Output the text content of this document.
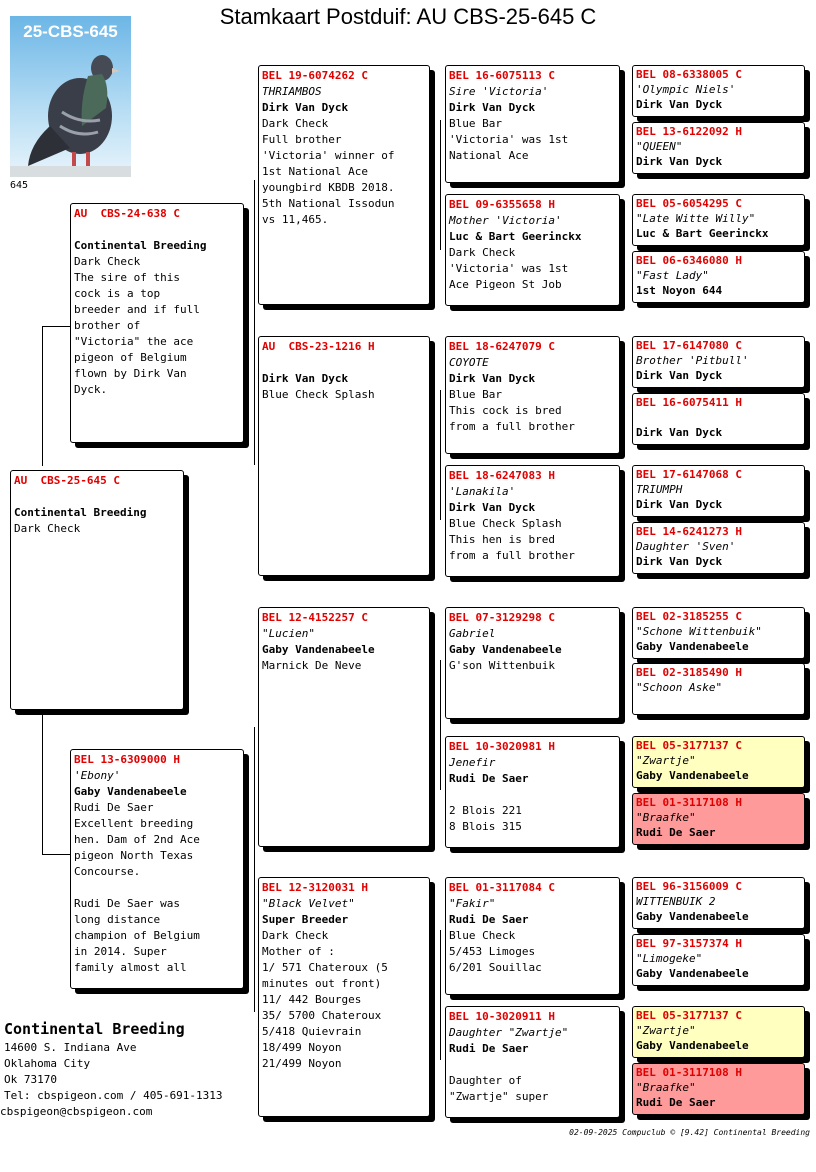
Stamkaart Postduif: AU CBS-25-645 C
25-CBS-645
645
AU  CBS-25-645 C

Continental Breeding
Dark Check
AU  CBS-24-638 C

Continental Breeding
Dark Check
The sire of this
cock is a top
breeder and if full
brother of
"Victoria" the ace
pigeon of Belgium
flown by Dirk Van
Dyck.
BEL 13-6309000 H
'Ebony'
Gaby Vandenabeele
Rudi De Saer
Excellent breeding
hen. Dam of 2nd Ace
pigeon North Texas
Concourse.

Rudi De Saer was
long distance
champion of Belgium
in 2014. Super
family almost all
BEL 19-6074262 C
THRIAMBOS
Dirk Van Dyck
Dark Check
Full brother
'Victoria' winner of
1st National Ace
youngbird KBDB 2018.
5th National Issodun
vs 11,465.
AU  CBS-23-1216 H

Dirk Van Dyck
Blue Check Splash
BEL 12-4152257 C
"Lucien"
Gaby Vandenabeele
Marnick De Neve
BEL 12-3120031 H
"Black Velvet"
Super Breeder
Dark Check
Mother of :
1/ 571 Chateroux (5
minutes out front)
11/ 442 Bourges
35/ 5700 Chateroux
5/418 Quievrain
18/499 Noyon
21/499 Noyon
BEL 16-6075113 C
Sire 'Victoria'
Dirk Van Dyck
Blue Bar
'Victoria' was 1st
National Ace
BEL 09-6355658 H
Mother 'Victoria'
Luc & Bart Geerinckx
Dark Check
'Victoria' was 1st
Ace Pigeon St Job
BEL 18-6247079 C
COYOTE
Dirk Van Dyck
Blue Bar
This cock is bred
from a full brother
BEL 18-6247083 H
'Lanakila'
Dirk Van Dyck
Blue Check Splash
This hen is bred
from a full brother
BEL 07-3129298 C
Gabriel
Gaby Vandenabeele
G'son Wittenbuik
BEL 10-3020981 H
Jenefir
Rudi De Saer

2 Blois 221
8 Blois 315
BEL 01-3117084 C
"Fakir"
Rudi De Saer
Blue Check
5/453 Limoges
6/201 Souillac
BEL 10-3020911 H
Daughter "Zwartje"
Rudi De Saer

Daughter of
"Zwartje" super
BEL 08-6338005 C
'Olympic Niels'
Dirk Van Dyck
BEL 13-6122092 H
"QUEEN"
Dirk Van Dyck
BEL 05-6054295 C
"Late Witte Willy"
Luc & Bart Geerinckx
BEL 06-6346080 H
"Fast Lady"
1st Noyon 644
BEL 17-6147080 C
Brother 'Pitbull'
Dirk Van Dyck
BEL 16-6075411 H

Dirk Van Dyck
BEL 17-6147068 C
TRIUMPH
Dirk Van Dyck
BEL 14-6241273 H
Daughter 'Sven'
Dirk Van Dyck
BEL 02-3185255 C
"Schone Wittenbuik"
Gaby Vandenabeele
BEL 02-3185490 H
"Schoon Aske"
BEL 05-3177137 C
"Zwartje"
Gaby Vandenabeele
BEL 01-3117108 H
"Braafke"
Rudi De Saer
BEL 96-3156009 C
WITTENBUIK 2
Gaby Vandenabeele
BEL 97-3157374 H
"Limogeke"
Gaby Vandenabeele
BEL 05-3177137 C
"Zwartje"
Gaby Vandenabeele
BEL 01-3117108 H
"Braafke"
Rudi De Saer
Continental Breeding
14600 S. Indiana Ave
Oklahoma City
Ok 73170
Tel: cbspigeon.com / 405-691-1313
cbspigeon@cbspigeon.com
02-09-2025 Compuclub © [9.42] Continental Breeding
